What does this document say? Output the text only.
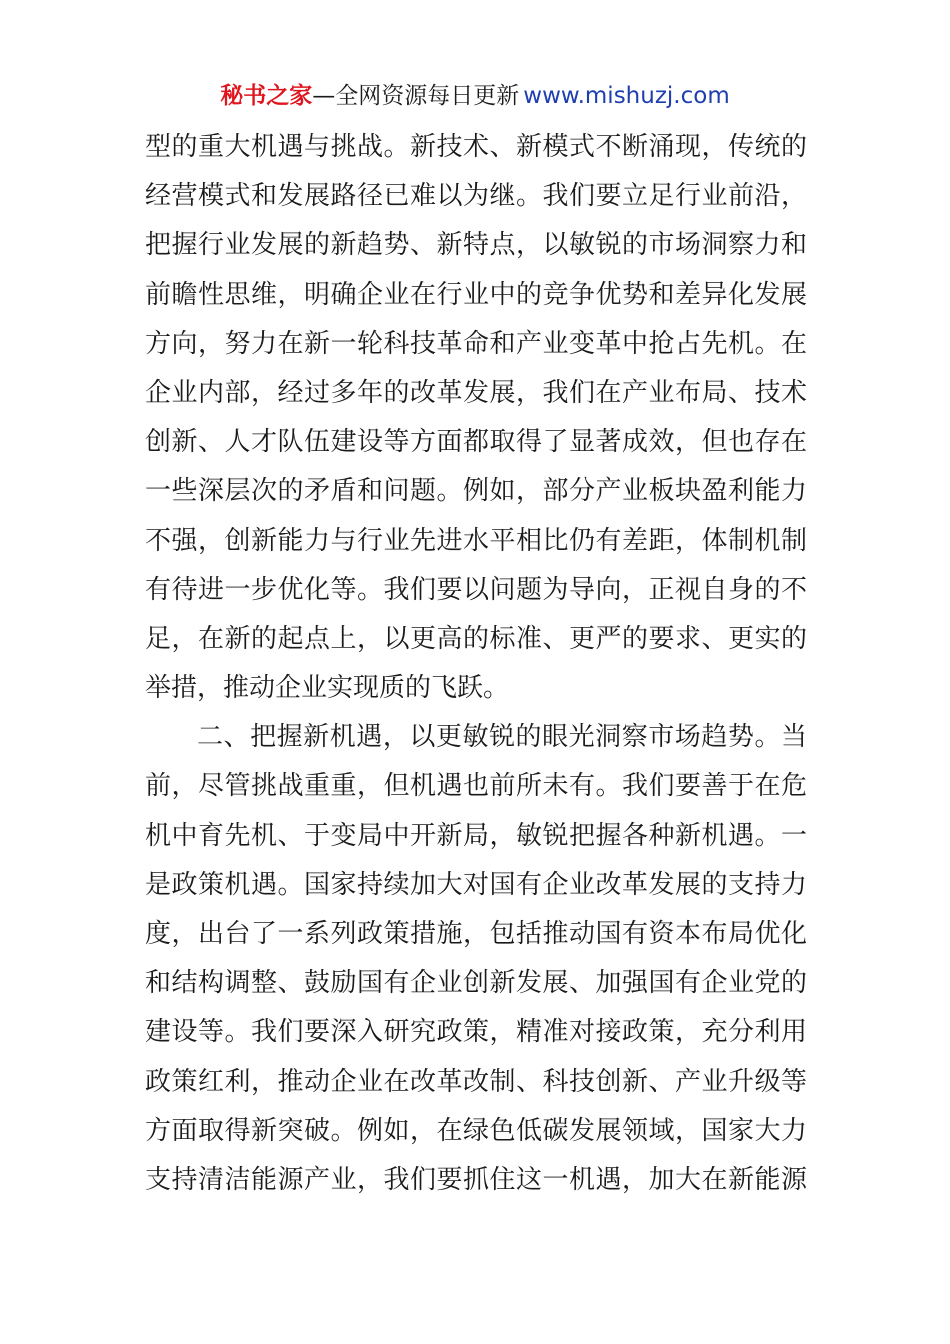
秘书之家—全网资源每日更新 www.mishuzj.com
型的重大机遇与挑战。新技术、新模式不断涌现，传统的
经营模式和发展路径已难以为继。我们要立足行业前沿，
把握行业发展的新趋势、新特点，以敏锐的市场洞察力和
前瞻性思维，明确企业在行业中的竞争优势和差异化发展
方向，努力在新一轮科技革命和产业变革中抢占先机。在
企业内部，经过多年的改革发展，我们在产业布局、技术
创新、人才队伍建设等方面都取得了显著成效，但也存在
一些深层次的矛盾和问题。例如，部分产业板块盈利能力
不强，创新能力与行业先进水平相比仍有差距，体制机制
有待进一步优化等。我们要以问题为导向，正视自身的不
足，在新的起点上，以更高的标准、更严的要求、更实的
举措，推动企业实现质的飞跃。
二、把握新机遇，以更敏锐的眼光洞察市场趋势。当
前，尽管挑战重重，但机遇也前所未有。我们要善于在危
机中育先机、于变局中开新局，敏锐把握各种新机遇。一
是政策机遇。国家持续加大对国有企业改革发展的支持力
度，出台了一系列政策措施，包括推动国有资本布局优化
和结构调整、鼓励国有企业创新发展、加强国有企业党的
建设等。我们要深入研究政策，精准对接政策，充分利用
政策红利，推动企业在改革改制、科技创新、产业升级等
方面取得新突破。例如，在绿色低碳发展领域，国家大力
支持清洁能源产业，我们要抓住这一机遇，加大在新能源
